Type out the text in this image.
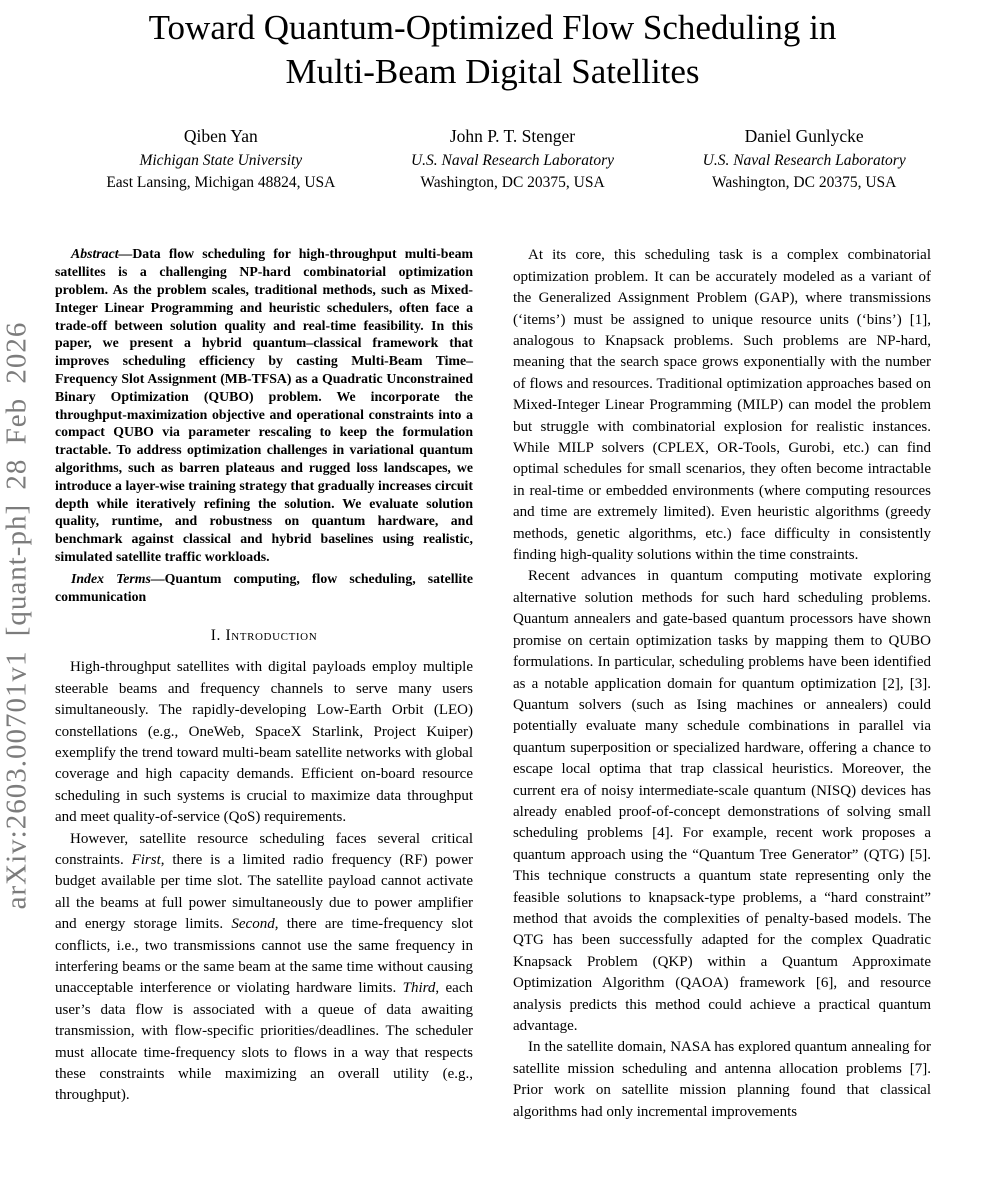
arXiv:2603.00701v1 [quant-ph] 28 Feb 2026
Toward Quantum-Optimized Flow Scheduling in Multi-Beam Digital Satellites
Qiben Yan
Michigan State University
East Lansing, Michigan 48824, USA
John P. T. Stenger
U.S. Naval Research Laboratory
Washington, DC 20375, USA
Daniel Gunlycke
U.S. Naval Research Laboratory
Washington, DC 20375, USA

Abstract—Data flow scheduling for high-throughput multi-beam satellites is a challenging NP-hard combinatorial optimization problem. As the problem scales, traditional methods, such as Mixed-Integer Linear Programming and heuristic schedulers, often face a trade-off between solution quality and real-time feasibility. In this paper, we present a hybrid quantum–classical framework that improves scheduling efficiency by casting Multi-Beam Time–Frequency Slot Assignment (MB-TFSA) as a Quadratic Unconstrained Binary Optimization (QUBO) problem. We incorporate the throughput-maximization objective and operational constraints into a compact QUBO via parameter rescaling to keep the formulation tractable. To address optimization challenges in variational quantum algorithms, such as barren plateaus and rugged loss landscapes, we introduce a layer-wise training strategy that gradually increases circuit depth while iteratively refining the solution. We evaluate solution quality, runtime, and robustness on quantum hardware, and benchmark against classical and hybrid baselines using realistic, simulated satellite traffic workloads.

Index Terms—Quantum computing, flow scheduling, satellite communication

I. Introduction

High-throughput satellites with digital payloads employ multiple steerable beams and frequency channels to serve many users simultaneously. The rapidly-developing Low-Earth Orbit (LEO) constellations (e.g., OneWeb, SpaceX Starlink, Project Kuiper) exemplify the trend toward multi-beam satellite networks with global coverage and high capacity demands. Efficient on-board resource scheduling in such systems is crucial to maximize data throughput and meet quality-of-service (QoS) requirements.

However, satellite resource scheduling faces several critical constraints. First, there is a limited radio frequency (RF) power budget available per time slot. The satellite payload cannot activate all the beams at full power simultaneously due to power amplifier and energy storage limits. Second, there are time-frequency slot conflicts, i.e., two transmissions cannot use the same frequency in interfering beams or the same beam at the same time without causing unacceptable interference or violating hardware limits. Third, each user’s data flow is associated with a queue of data awaiting transmission, with flow-specific priorities/deadlines. The scheduler must allocate time-frequency slots to flows in a way that respects these constraints while maximizing an overall utility (e.g., throughput).

At its core, this scheduling task is a complex combinatorial optimization problem. It can be accurately modeled as a variant of the Generalized Assignment Problem (GAP), where transmissions (‘items’) must be assigned to unique resource units (‘bins’) [1], analogous to Knapsack problems. Such problems are NP-hard, meaning that the search space grows exponentially with the number of flows and resources. Traditional optimization approaches based on Mixed-Integer Linear Programming (MILP) can model the problem but struggle with combinatorial explosion for realistic instances. While MILP solvers (CPLEX, OR-Tools, Gurobi, etc.) can find optimal schedules for small scenarios, they often become intractable in real-time or embedded environments (where computing resources and time are extremely limited). Even heuristic algorithms (greedy methods, genetic algorithms, etc.) face difficulty in consistently finding high-quality solutions within the time constraints.

Recent advances in quantum computing motivate exploring alternative solution methods for such hard scheduling problems. Quantum annealers and gate-based quantum processors have shown promise on certain optimization tasks by mapping them to QUBO formulations. In particular, scheduling problems have been identified as a notable application domain for quantum optimization [2], [3]. Quantum solvers (such as Ising machines or annealers) could potentially evaluate many schedule combinations in parallel via quantum superposition or specialized hardware, offering a chance to escape local optima that trap classical heuristics. Moreover, the current era of noisy intermediate-scale quantum (NISQ) devices has already enabled proof-of-concept demonstrations of solving small scheduling problems [4]. For example, recent work proposes a quantum approach using the “Quantum Tree Generator” (QTG) [5]. This technique constructs a quantum state representing only the feasible solutions to knapsack-type problems, a “hard constraint” method that avoids the complexities of penalty-based models. The QTG has been successfully adapted for the complex Quadratic Knapsack Problem (QKP) within a Quantum Approximate Optimization Algorithm (QAOA) framework [6], and resource analysis predicts this method could achieve a practical quantum advantage.

In the satellite domain, NASA has explored quantum annealing for satellite mission scheduling and antenna allocation problems [7]. Prior work on satellite mission planning found that classical algorithms had only incremental improvements
